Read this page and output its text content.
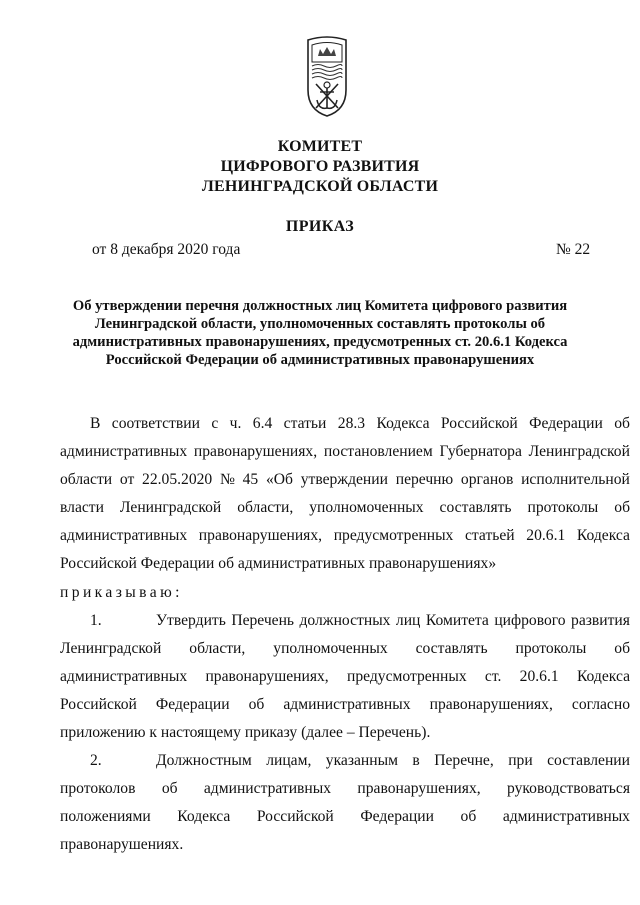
КОМИТЕТ
ЦИФРОВОГО РАЗВИТИЯ
ЛЕНИНГРАДСКОЙ ОБЛАСТИ
ПРИКАЗ
от 8 декабря 2020 года	№ 22
Об утверждении перечня должностных лиц Комитета цифрового развития
Ленинградской области, уполномоченных составлять протоколы об
административных правонарушениях, предусмотренных ст. 20.6.1 Кодекса
Российской Федерации об административных правонарушениях
В соответствии с ч. 6.4 статьи 28.3 Кодекса Российской Федерации об
административных правонарушениях, постановлением Губернатора Ленинградской
области от 22.05.2020 № 45 «Об утверждении перечню органов исполнительной
власти Ленинградской области, уполномоченных составлять протоколы об
административных правонарушениях, предусмотренных статьей 20.6.1 Кодекса
Российской Федерации об административных правонарушениях»
приказываю:
1.	Утвердить Перечень должностных лиц Комитета цифрового развития
Ленинградской области, уполномоченных составлять протоколы об
административных правонарушениях, предусмотренных ст. 20.6.1 Кодекса
Российской Федерации об административных правонарушениях, согласно
приложению к настоящему приказу (далее – Перечень).
2.	Должностным лицам, указанным в Перечне, при составлении
протоколов об административных правонарушениях, руководствоваться
положениями Кодекса Российской Федерации об административных
правонарушениях.
